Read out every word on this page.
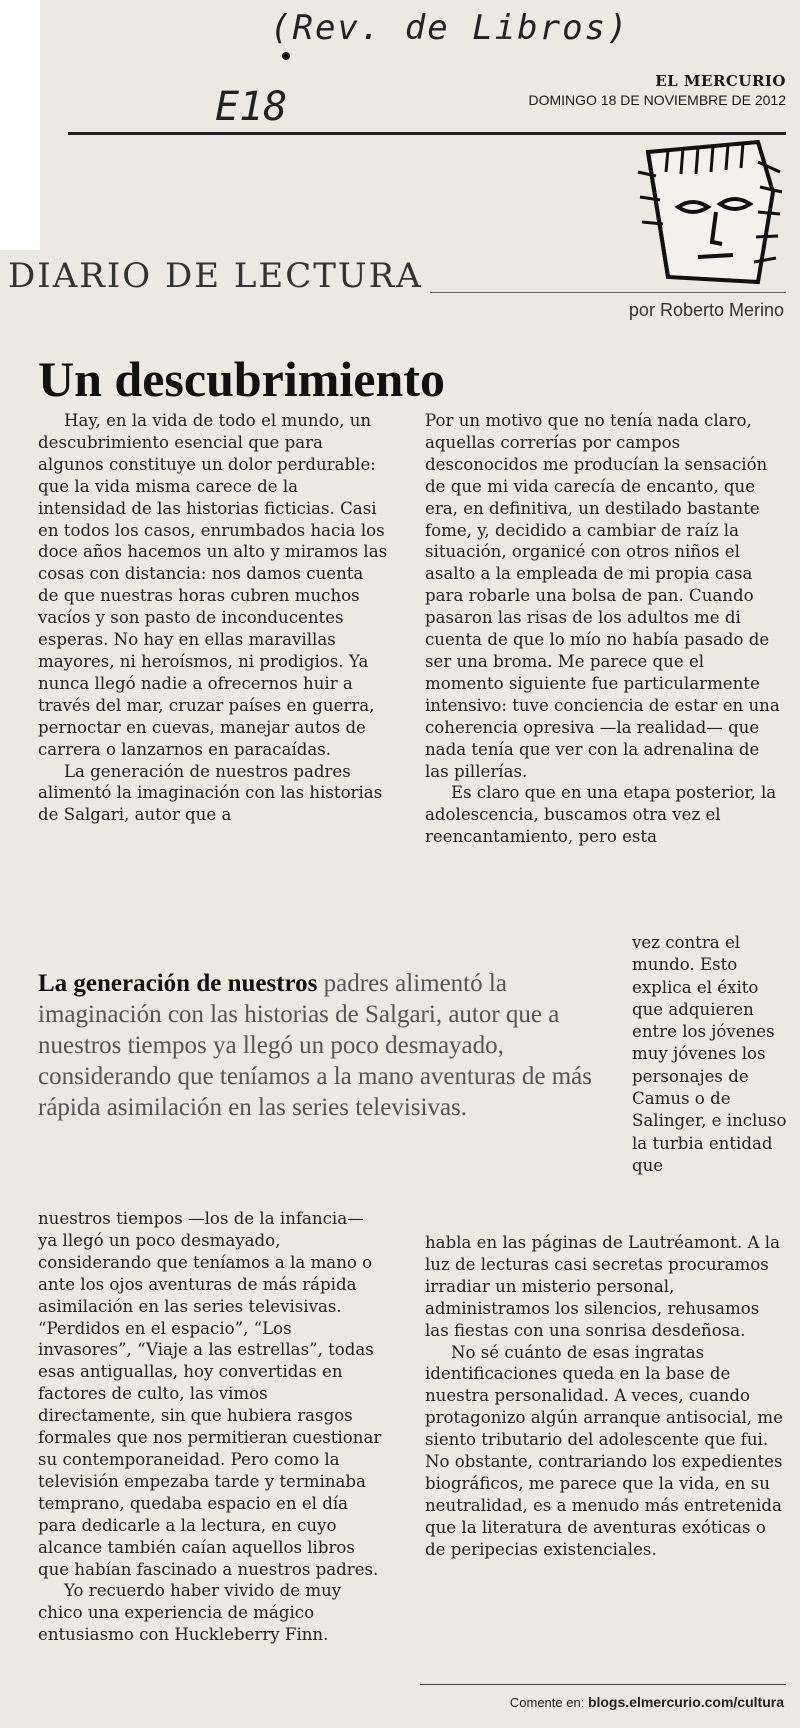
(Rev. de Libros)
E18
EL MERCURIO
DOMINGO 18 DE NOVIEMBRE DE 2012
DIARIO DE LECTURA
por Roberto Merino
Un descubrimiento

Hay, en la vida de todo el mundo, un descubrimiento esencial que para algunos constituye un dolor perdurable: que la vida misma carece de la intensidad de las historias ficticias. Casi en todos los casos, enrumbados hacia los doce años hacemos un alto y miramos las cosas con distancia: nos damos cuenta de que nuestras horas cubren muchos vacíos y son pasto de inconducentes esperas. No hay en ellas maravillas mayores, ni heroísmos, ni prodigios. Ya nunca llegó nadie a ofrecernos huir a través del mar, cruzar países en guerra, pernoctar en cuevas, manejar autos de carrera o lanzarnos en paracaídas.

La generación de nuestros padres alimentó la imaginación con las historias de Salgari, autor que a

Por un motivo que no tenía nada claro, aquellas correrías por campos desconocidos me producían la sensación de que mi vida carecía de encanto, que era, en definitiva, un destilado bastante fome, y, decidido a cambiar de raíz la situación, organicé con otros niños el asalto a la empleada de mi propia casa para robarle una bolsa de pan. Cuando pasaron las risas de los adultos me di cuenta de que lo mío no había pasado de ser una broma. Me parece que el momento siguiente fue particularmente intensivo: tuve conciencia de estar en una coherencia opresiva —la realidad— que nada tenía que ver con la adrenalina de las pillerías.

Es claro que en una etapa posterior, la adolescencia, buscamos otra vez el reencantamiento, pero esta

vez contra el mundo. Esto explica el éxito que adquieren entre los jóvenes muy jóvenes los personajes de Camus o de Salinger, e incluso la turbia entidad que

La generación de nuestros padres alimentó la imaginación con las historias de Salgari, autor que a nuestros tiempos ya llegó un poco desmayado, considerando que teníamos a la mano aventuras de más rápida asimilación en las series televisivas.

nuestros tiempos —los de la infancia— ya llegó un poco desmayado, considerando que teníamos a la mano o ante los ojos aventuras de más rápida asimilación en las series televisivas. “Perdidos en el espacio”, “Los invasores”, “Viaje a las estrellas”, todas esas antiguallas, hoy convertidas en factores de culto, las vimos directamente, sin que hubiera rasgos formales que nos permitieran cuestionar su contemporaneidad. Pero como la televisión empezaba tarde y terminaba temprano, quedaba espacio en el día para dedicarle a la lectura, en cuyo alcance también caían aquellos libros que habían fascinado a nuestros padres.

Yo recuerdo haber vivido de muy chico una experiencia de mágico entusiasmo con Huckleberry Finn.

habla en las páginas de Lautréamont. A la luz de lecturas casi secretas procuramos irradiar un misterio personal, administramos los silencios, rehusamos las fiestas con una sonrisa desdeñosa.

No sé cuánto de esas ingratas identificaciones queda en la base de nuestra personalidad. A veces, cuando protagonizo algún arranque antisocial, me siento tributario del adolescente que fui. No obstante, contrariando los expedientes biográficos, me parece que la vida, en su neutralidad, es a menudo más entretenida que la literatura de aventuras exóticas o de peripecias existenciales.

Comente en: blogs.elmercurio.com/cultura
